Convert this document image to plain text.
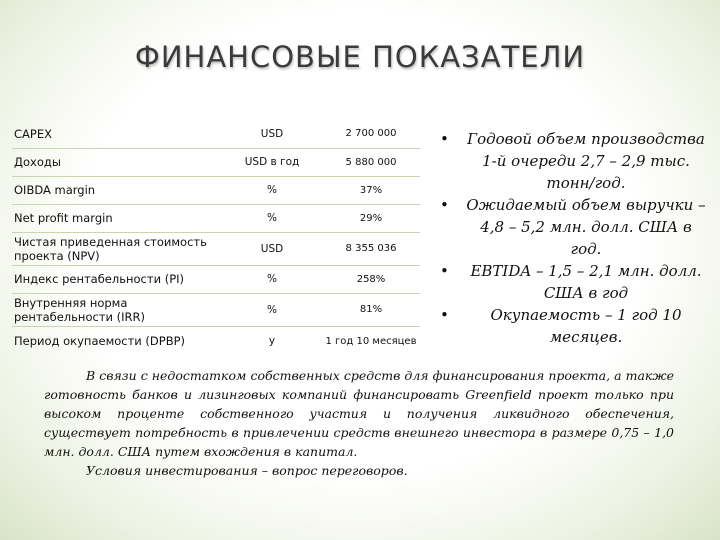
ФИНАНСОВЫЕ ПОКАЗАТЕЛИ
CAPEX	USD	2 700 000
Доходы	USD в год	5 880 000
OIBDA margin	%	37%
Net profit margin	%	29%
Чистая приведенная стоимость проекта (NPV)	USD	8 355 036
Индекс рентабельности (PI)	%	258%
Внутренняя норма рентабельности (IRR)	%	81%
Период окупаемости (DPBP)	у	1 год 10 месяцев
• Годовой объем производства 1-й очереди 2,7 – 2,9 тыс. тонн/год.
• Ожидаемый объем выручки – 4,8 – 5,2 млн. долл. США в год.
• EBTIDA – 1,5 – 2,1 млн. долл. США в год
•	Окупаемость – 1 год 10 месяцев.

В связи с недостатком собственных средств для финансирования проекта, а также готовность банков и лизинговых компаний финансировать Greenfield проект только при высоком проценте собственного участия и получения ликвидного обеспечения, существует потребность в привлечении средств внешнего инвестора в размере 0,75 – 1,0 млн. долл. США путем вхождения в капитал.

Условия инвестирования – вопрос переговоров.
